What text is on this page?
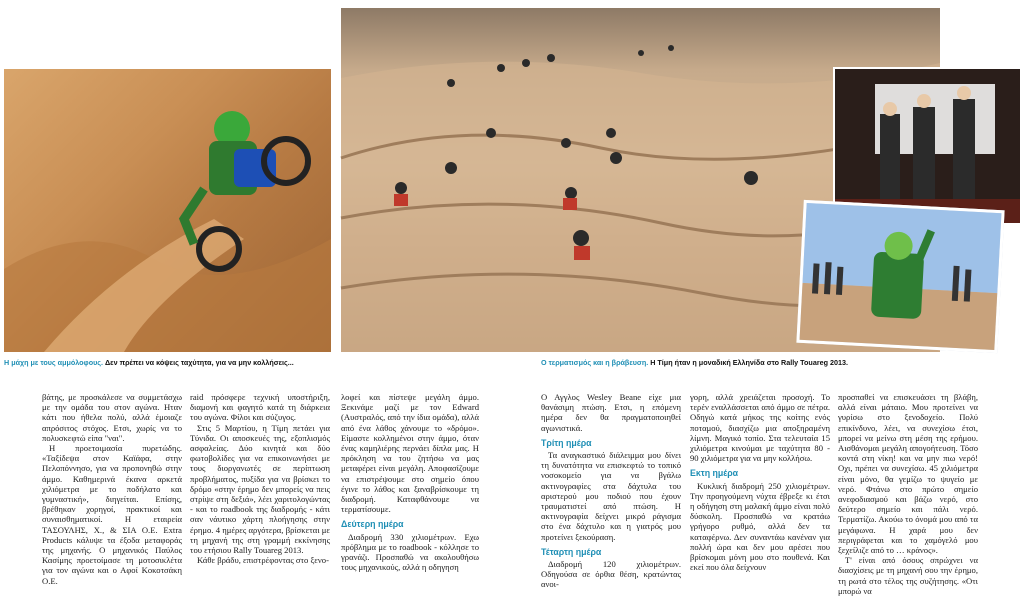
Η μάχη με τους αμμόλοφους. Δεν πρέπει να κόψεις ταχύτητα, για να μην κολλήσεις...	Ο τερματισμός και η βράβευση. Η Τίμη ήταν η μοναδική Ελληνίδα στο Rally Touareg 2013.

βάτης, με προσκάλεσε να συμμετάσχω με την ομάδα του στον αγώνα. Ηταν κάτι που ήθελα πολύ, αλλά έμοιαζε απρόσιτος στόχος. Ετσι, χωρίς να το πολυσκεφτώ είπα "ναι".

Η προετοιμασία πυρετώδης. «Ταξίδεψα στον Καϊάφα, στην Πελοπόννησο, για να προπονηθώ στην άμμο. Καθημερινά έκανα αρκετά χιλιόμετρα με το ποδήλατο και γυμναστική», διηγείται. Επίσης, βρέθηκαν χορηγοί, πρακτικοί και συναισθηματικοί. Η εταιρεία ΤΑΣΟΥΛΗΣ, Χ., & ΣΙΑ Ο.Ε. Extra Products κάλυψε τα έξοδα μεταφοράς της μηχανής. Ο μηχανικός Παύλος Κασίμης προετοίμασε τη μοτοσικλέτα για τον αγώνα και ο Αφοί Κοκοτσάκη Ο.Ε.

raid πρόσφερε τεχνική υποστήριξη, διαμονή και φαγητό κατά τη διάρκεια του αγώνα. Φίλοι και σύζυγος.

Στις 5 Μαρτίου, η Τίμη πετάει για Τύνιδα. Οι αποσκευές της, εξοπλισμός ασφαλείας. Δύο κινητά και δύο φωτοβολίδες για να επικοινωνήσει με τους διοργανωτές σε περίπτωση προβλήματος, πυξίδα για να βρίσκει το δρόμο «στην έρημο δεν μπορείς να πεις στρίψε στη δεξιά», λέει χαριτολογώντας - και το roadbook της διαδρομής - κάτι σαν νάυτικο χάρτη πλοήγησης στην έρημο. 4 ημέρες αργότερα, βρίσκεται με τη μηχανή της στη γραμμή εκκίνησης του ετήσιου Rally Touareg 2013.

Κάθε βράδυ, επιστρέφοντας στο ξενο-

λοφεί και πίστεψε μεγάλη άμμο. Ξεκινάμε μαζί με τον Edward (Αυστραλός, από την ίδια ομάδα), αλλά από ένα λάθος χάνουμε το «δρόμο». Είμαστε κολλημένοι στην άμμο, όταν ένας καμηλιέρης περνάει δίπλα μας. Η πρόκληση να του ζητήσω να μας μεταφέρει είναι μεγάλη. Αποφασίζουμε να επιστρέψουμε στο σημείο όπου έγινε το λάθος και ξαναβρίσκουμε τη διαδρομή. Καταφθάνουμε να τερματίσουμε.

Δεύτερη ημέρα

Διαδρομή 330 χιλιομέτρων. Εχω πρόβλημα με το roadbook - κόλλησε το γρανάζι. Προσπαθώ να ακολουθήσω τους μηχανικούς, αλλά η οδηγηση

Ο Αγγλος Wesley Beane είχε μια θανάσιμη πτώση. Ετσι, η επόμενη ημέρα δεν θα πραγματοποιηθεί αγωνιστικά.

Τρίτη ημέρα

Τα αναγκαστικό διάλειμμα μου δίνει τη δυνατότητα να επισκεφτώ το τοπικό νοσοκομείο για να βγάλω ακτινογραφίες στα δάχτυλα του αριστερού μου ποδιού που έχουν τραυματιστεί από πτώση. Η ακτινογραφία δείχνει μικρό ράγισμα στο ένα δάχτυλο και η γιατρός μου προτείνει ξεκούραση.

Τέταρτη ημέρα

Διαδρομή 120 χιλιομέτρων. Οδηγούσα σε όρθια θέση, κρατώντας ανοι-

γορη, αλλά χρειάζεται προσοχή. Το τερέν εναλλάσσεται από άμμο σε πέτρα. Οδηγώ κατά μήκος της κοίτης ενός ποταμού, διασχίζω μια αποξηραμένη λίμνη. Μαγικό τοπίο. Στα τελευταία 15 χιλιόμετρα κινούμαι με ταχύτητα 80 - 90 χιλιόμετρα για να μην κολλήσω.

Εκτη ημέρα

Κυκλική διαδρομή 250 χιλιομέτρων. Την προηγούμενη νύχτα έβρεξε κι έτσι η οδήγηση στη μαλακή άμμο είναι πολύ δύσκολη. Προσπαθώ να κρατάω γρήγορο ρυθμό, αλλά δεν τα καταφέρνω. Δεν συναντάω κανέναν για πολλή ώρα και δεν μου αρέσει που βρίσκομαι μόνη μου στο πουθενά. Και εκεί που όλα δείχνουν

προσπαθεί να επισκευάσει τη βλάβη, αλλά είναι μάταιο. Μου προτείνει να γυρίσω στο ξενοδοχείο. Πολύ επικίνδυνο, λέει, να συνεχίσω έτσι, μπορεί να μείνω στη μέση της ερήμου. Αισθάνομαι μεγάλη απογοήτευση. Τόσο κοντά στη νίκη! και να μην πιω νερό! Οχι, πρέπει να συνεχίσω. 45 χιλιόμετρα είναι μόνο, θα γεμίζω το ψυγείο με νερό. Φτάνω στο πρώτο σημείο ανεφοδιασμού και βάζω νερό, στο δεύτερο σημείο και πάλι νερό. Τερματίζω. Ακούω το όνομά μου από τα μεγάφωνα. Η χαρά μου δεν περιγράφεται και το χαμόγελό μου ξεχείλιζε από το … κράνος».

Τ' είναι από όσους σπρώχνει να διασχίσεις με τη μηχανή σου την έρημο, τη ρωτά στο τέλος της συζήτησης. «Οτι μπορώ να
